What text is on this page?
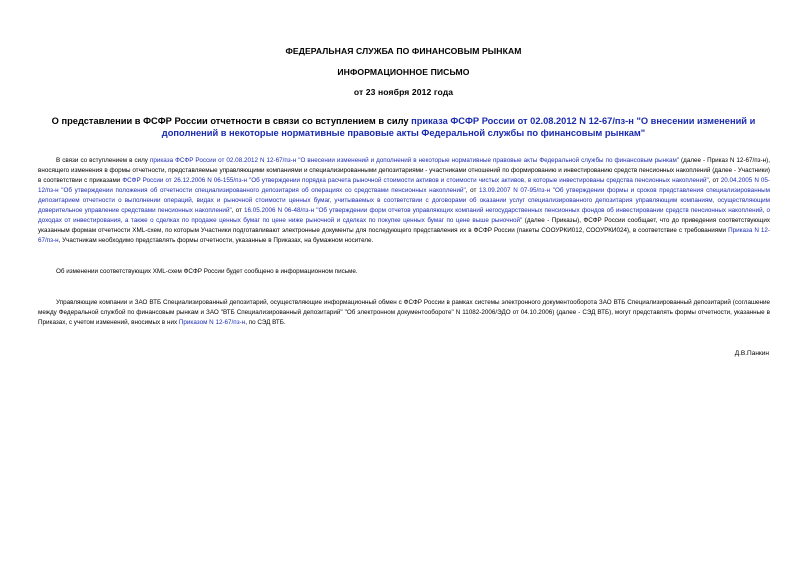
ФЕДЕРАЛЬНАЯ СЛУЖБА ПО ФИНАНСОВЫМ РЫНКАМ
ИНФОРМАЦИОННОЕ ПИСЬМО
от 23 ноября 2012 года
О представлении в ФСФР России отчетности в связи со вступлением в силу приказа ФСФР России от 02.08.2012 N 12-67/пз-н "О внесении изменений и дополнений в некоторые нормативные правовые акты Федеральной службы по финансовым рынкам"
В связи со вступлением в силу приказа ФСФР России от 02.08.2012 N 12-67/пз-н "О внесении изменений и дополнений в некоторые нормативные правовые акты Федеральной службы по финансовым рынкам" (далее - Приказ N 12-67/пз-н), вносящего изменения в формы отчетности, представляемые управляющими компаниями и специализированными депозитариями - участниками отношений по формированию и инвестированию средств пенсионных накоплений (далее - Участники) в соответствии с приказами ФСФР России от 26.12.2006 N 06-155/пз-н "Об утверждении порядка расчета рыночной стоимости активов и стоимости чистых активов, в которые инвестированы средства пенсионных накоплений", от 20.04.2005 N 05-12/пз-н "Об утверждении положения об отчетности специализированного депозитария об операциях со средствами пенсионных накоплений", от 13.09.2007 N 07-95/пз-н "Об утверждении формы и сроков представления специализированным депозитарием отчетности о выполнении операций, видах и рыночной стоимости ценных бумаг, учитываемых в соответствии с договорами об оказании услуг специализированного депозитария управляющим компаниям, осуществляющим доверительное управление средствами пенсионных накоплений", от 16.05.2006 N 06-48/пз-н "Об утверждении форм отчетов управляющих компаний негосударственных пенсионных фондов об инвестировании средств пенсионных накоплений, о доходах от инвестирования, а также о сделках по продаже ценных бумаг по цене ниже рыночной и сделках по покупке ценных бумаг по цене выше рыночной" (далее - Приказы), ФСФР России сообщает, что до приведения соответствующих указанным формам отчетности XML-схем, по которым Участники подготавливают электронные документы для последующего представления их в ФСФР России (пакеты СООУРКИ012, СООУРКИ024), в соответствие с требованиями Приказа N 12-67/пз-н, Участникам необходимо представлять формы отчетности, указанные в Приказах, на бумажном носителе.
Об изменении соответствующих XML-схем ФСФР России будет сообщено в информационном письме.
Управляющие компании и ЗАО ВТБ Специализированный депозитарий, осуществляющие информационный обмен с ФСФР России в рамках системы электронного документооборота ЗАО ВТБ Специализированный депозитарий (соглашение между Федеральной службой по финансовым рынкам и ЗАО "ВТБ Специализированный депозитарий" "Об электронном документообороте" N 11082-2006/ЭДО от 04.10.2006) (далее - СЭД ВТБ), могут представлять формы отчетности, указанные в Приказах, с учетом изменений, вносимых в них Приказом N 12-67/пз-н, по СЭД ВТБ.
Д.В.Панкин
